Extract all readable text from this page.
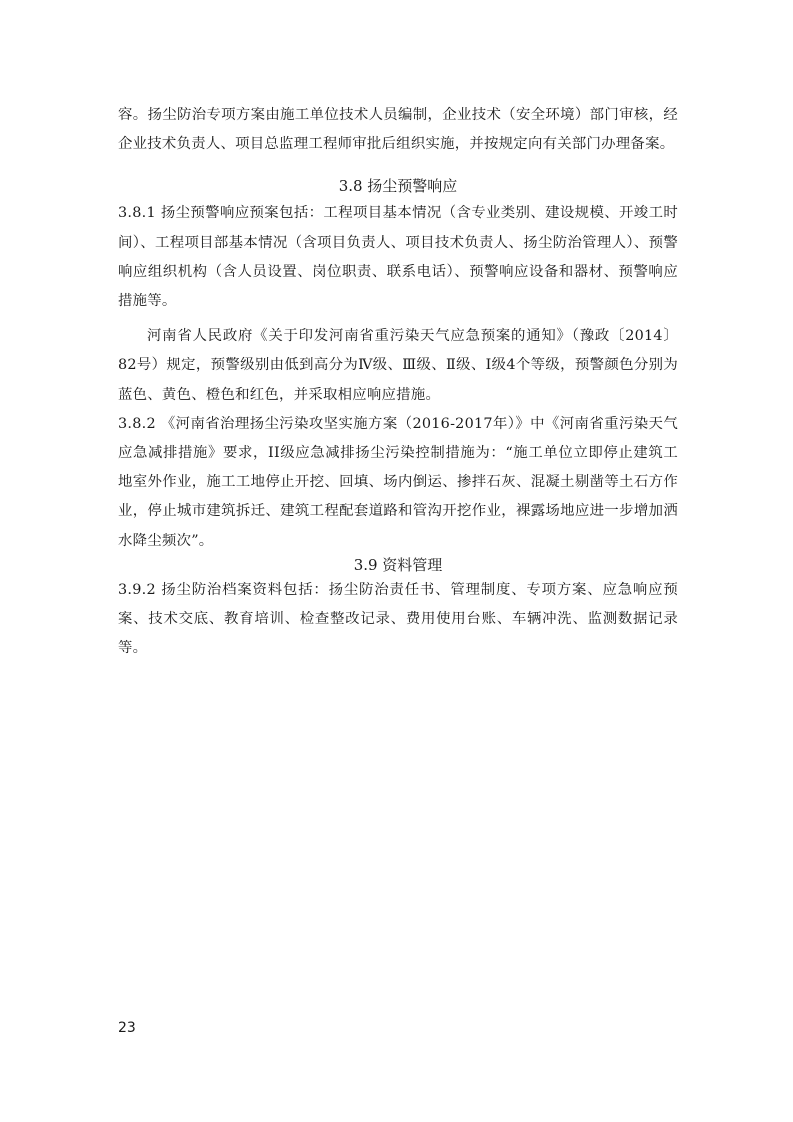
容。扬尘防治专项方案由施工单位技术人员编制，企业技术（安全环境）部门审核，经企业技术负责人、项目总监理工程师审批后组织实施，并按规定向有关部门办理备案。

3.8 扬尘预警响应

3.8.1 扬尘预警响应预案包括：工程项目基本情况（含专业类别、建设规模、开竣工时间）、工程项目部基本情况（含项目负责人、项目技术负责人、扬尘防治管理人）、预警响应组织机构（含人员设置、岗位职责、联系电话）、预警响应设备和器材、预警响应措施等。

河南省人民政府《关于印发河南省重污染天气应急预案的通知》（豫政〔2014〕82号）规定，预警级别由低到高分为Ⅳ级、Ⅲ级、Ⅱ级、Ⅰ级4个等级，预警颜色分别为蓝色、黄色、橙色和红色，并采取相应响应措施。

3.8.2 《河南省治理扬尘污染攻坚实施方案（2016-2017年）》中《河南省重污染天气应急减排措施》要求，II级应急减排扬尘污染控制措施为：“施工单位立即停止建筑工地室外作业，施工工地停止开挖、回填、场内倒运、掺拌石灰、混凝土剔凿等土石方作业，停止城市建筑拆迁、建筑工程配套道路和管沟开挖作业，裸露场地应进一步增加洒水降尘频次”。

3.9 资料管理

3.9.2 扬尘防治档案资料包括：扬尘防治责任书、管理制度、专项方案、应急响应预案、技术交底、教育培训、检查整改记录、费用使用台账、车辆冲洗、监测数据记录等。

23
